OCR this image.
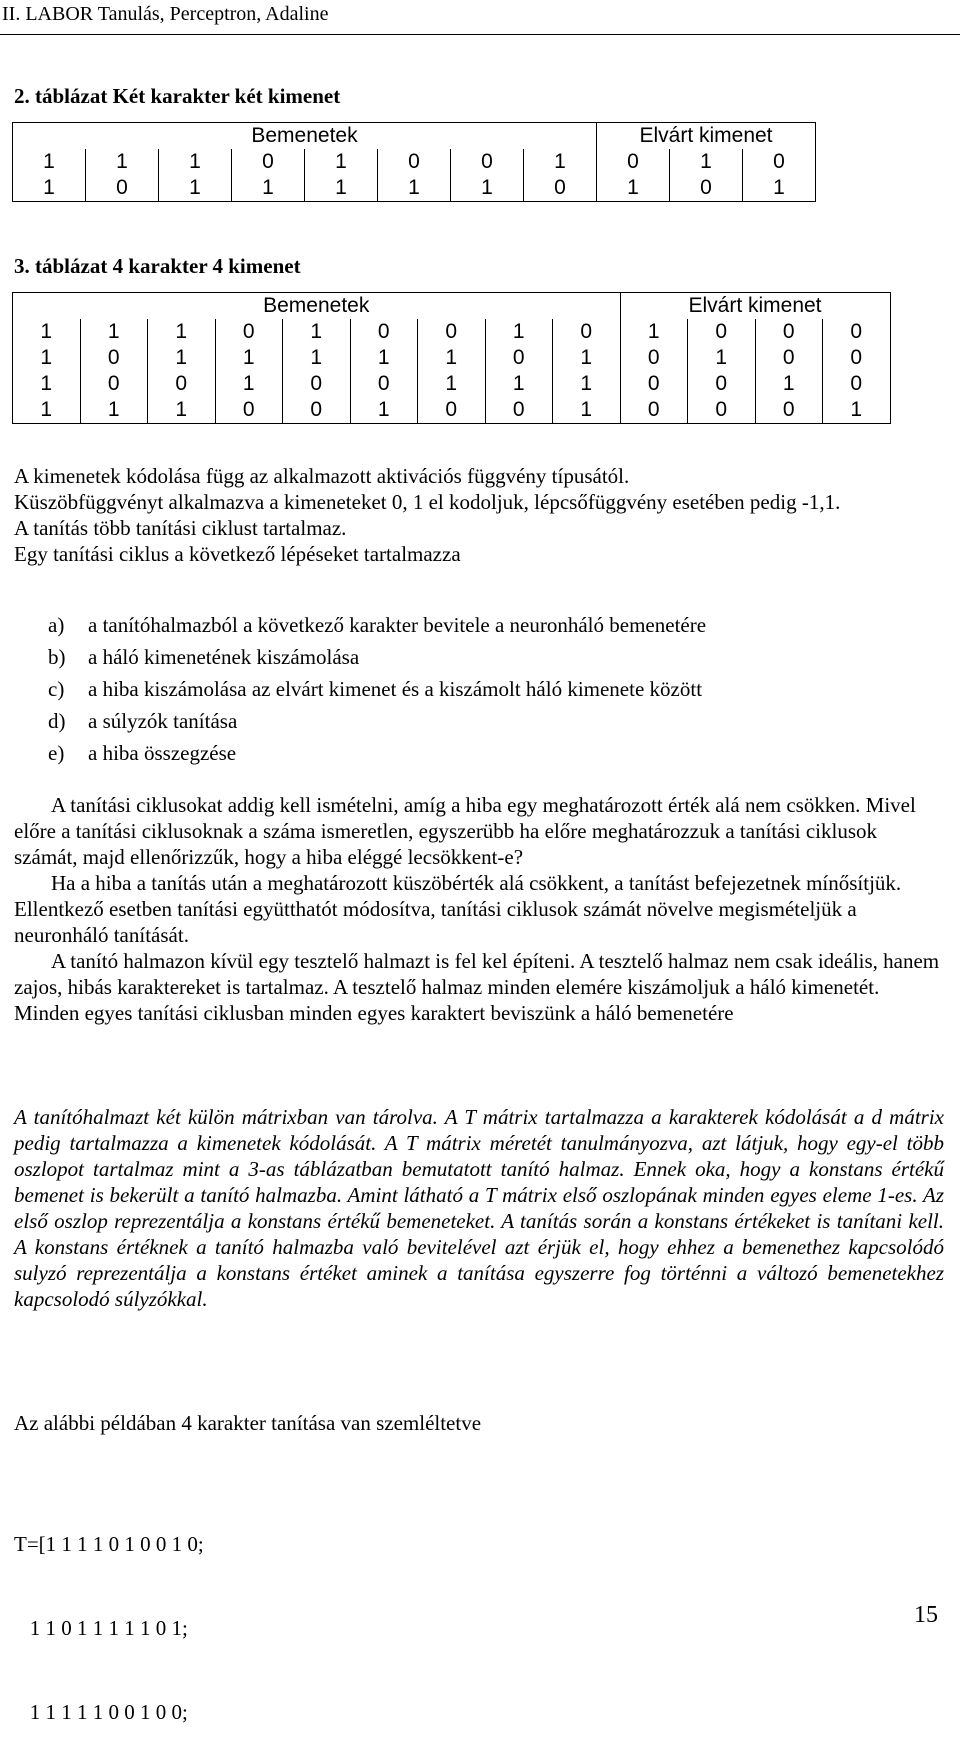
II. LABOR Tanulás, Perceptron, Adaline
2. táblázat Két karakter két kimenet
Bemenetek								Elvárt kimenet		
1	1	1	0	1	0	0	1	0	1	0
1	0	1	1	1	1	1	0	1	0	1
3. táblázat 4 karakter 4 kimenet
Bemenetek									Elvárt kimenet			
1	1	1	0	1	0	0	1	0	1	0	0	0
1	0	1	1	1	1	1	0	1	0	1	0	0
1	0	0	1	0	0	1	1	1	0	0	1	0
1	1	1	0	0	1	0	0	1	0	0	0	1

A kimenetek kódolása függ az alkalmazott aktivációs függvény típusától.

Küszöbfüggvényt alkalmazva a kimeneteket 0, 1 el kodoljuk, lépcsőfüggvény esetében pedig -1,1.

A tanítás több tanítási ciklust tartalmaz.

Egy tanítási ciklus a következő lépéseket tartalmazza

a) a tanítóhalmazból a következő karakter bevitele a neuronháló bemenetére
b) a háló kimenetének kiszámolása
c) a hiba kiszámolása az elvárt kimenet és a kiszámolt háló kimenete között
d) a súlyzók tanítása
e) a hiba összegzése

A tanítási ciklusokat addig kell ismételni, amíg a hiba egy meghatározott érték alá nem csökken. Mivel előre a tanítási ciklusoknak a száma ismeretlen, egyszerübb ha előre meghatározzuk a tanítási ciklusok számát, majd ellenőrizzűk, hogy a hiba eléggé lecsökkent-e?

Ha a hiba a tanítás után a meghatározott küszöbérték alá csökkent, a tanítást befejezetnek mínősítjük. Ellentkező esetben tanítási együtthatót módosítva, tanítási ciklusok számát növelve megismételjük a neuronháló tanítását.

A tanító halmazon kívül egy tesztelő halmazt is fel kel építeni. A tesztelő halmaz nem csak ideális, hanem zajos, hibás karaktereket is tartalmaz. A tesztelő halmaz minden elemére kiszámoljuk a háló kimenetét.

Minden egyes tanítási ciklusban minden egyes karaktert beviszünk a háló bemenetére

A tanítóhalmazt két külön mátrixban van tárolva. A T mátrix tartalmazza a karakterek kódolását a d mátrix pedig tartalmazza a kimenetek kódolását. A T mátrix méretét tanulmányozva, azt látjuk, hogy egy-el több oszlopot tartalmaz mint a 3-as táblázatban bemutatott tanító halmaz. Ennek oka, hogy a konstans értékű bemenet is bekerült a tanító halmazba. Amint látható a T mátrix első oszlopának minden egyes eleme 1-es. Az első oszlop reprezentálja a konstans értékű bemeneteket. A tanítás során a konstans értékeket is tanítani kell. A konstans értéknek a tanító halmazba való bevitelével azt érjük el, hogy ehhez a bemenethez kapcsolódó sulyzó reprezentálja a konstans értéket aminek a tanítása egyszerre fog történni a változó bemenetekhez kapcsolodó súlyzókkal.

Az alábbi példában 4 karakter tanítása van szemléltetve

T=[1 1 1 1 0 1 0 0 1 0;

1 1 0 1 1 1 1 1 0 1;

1 1 1 1 1 0 0 1 0 0;

15
